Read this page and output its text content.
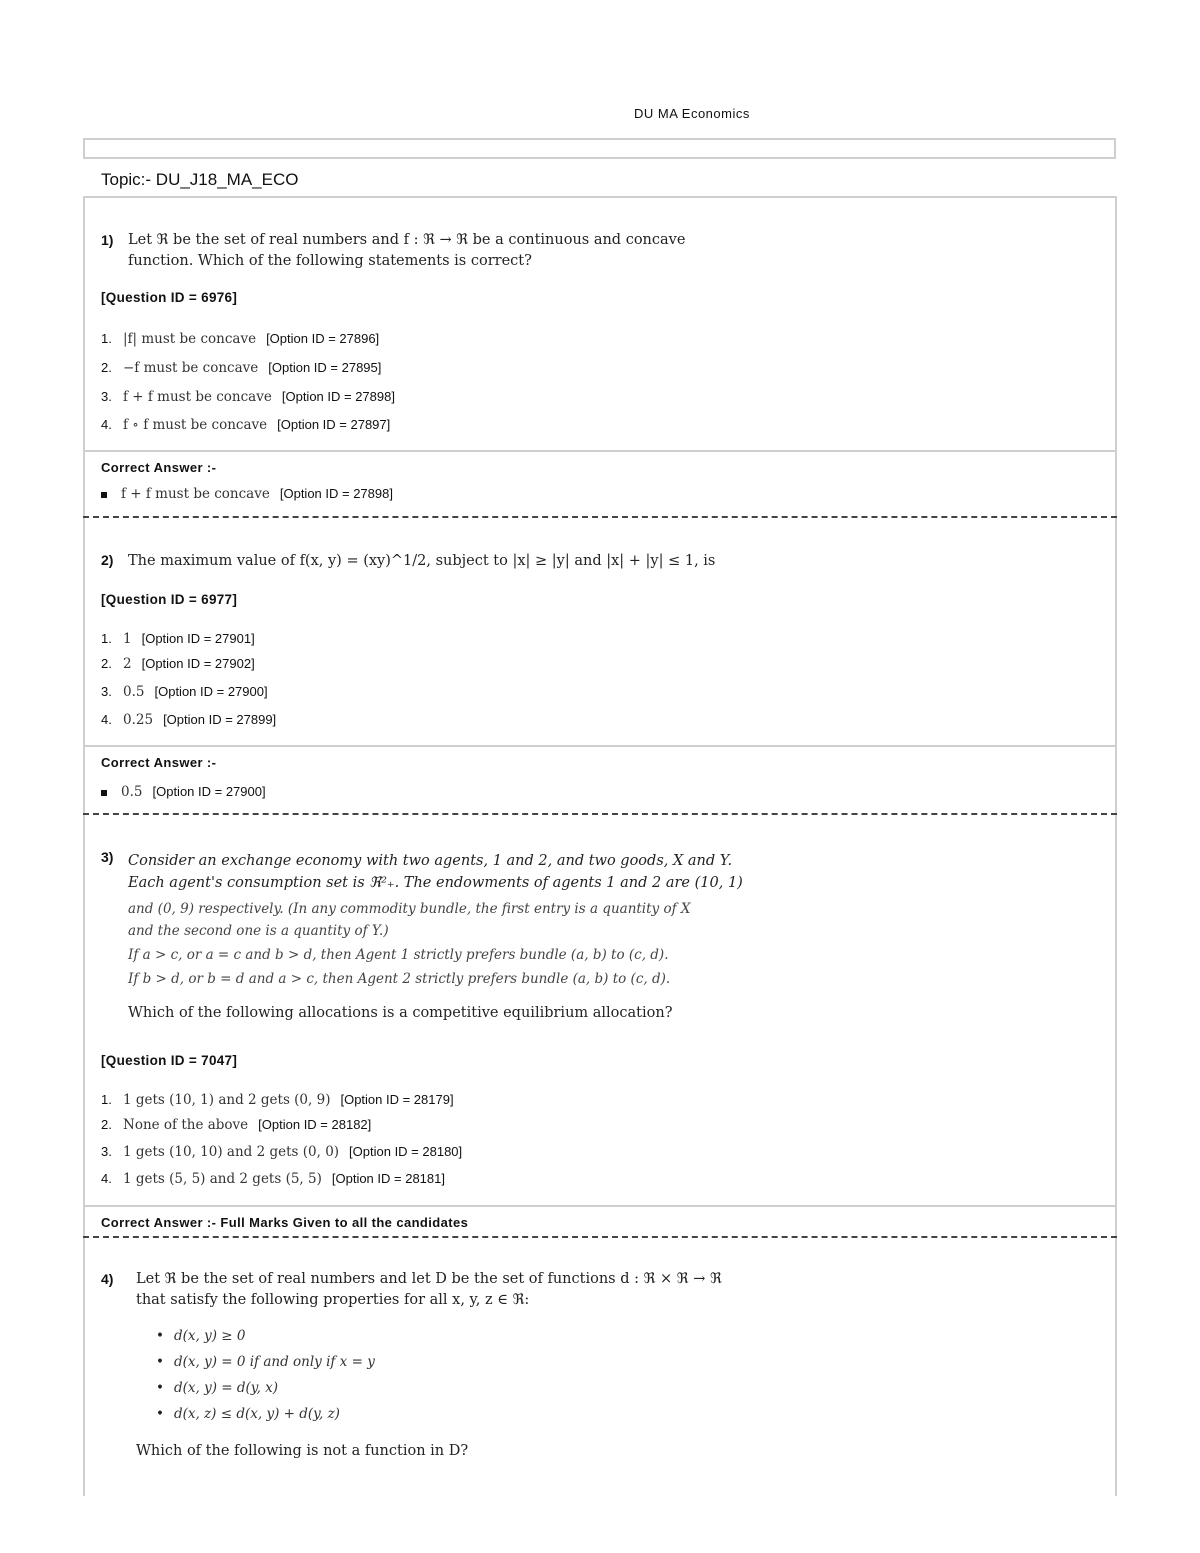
DU MA Economics
Topic:- DU_J18_MA_ECO
1) Let ℜ be the set of real numbers and f : ℜ → ℜ be a continuous and concave
function. Which of the following statements is correct?
[Question ID = 6976]
1. |f| must be concave [Option ID = 27896]
2. −f must be concave [Option ID = 27895]
3. f + f must be concave [Option ID = 27898]
4. f ∘ f must be concave [Option ID = 27897]
Correct Answer :-
f + f must be concave [Option ID = 27898]
2) The maximum value of f(x, y) = (xy)^1/2, subject to |x| ≥ |y| and |x| + |y| ≤ 1, is
[Question ID = 6977]
1. 1 [Option ID = 27901]
2. 2 [Option ID = 27902]
3. 0.5 [Option ID = 27900]
4. 0.25 [Option ID = 27899]
Correct Answer :-
0.5 [Option ID = 27900]
3) Consider an exchange economy with two agents, 1 and 2, and two goods, X and Y.
Each agent's consumption set is ℜ²₊. The endowments of agents 1 and 2 are (10, 1)
and (0, 9) respectively. (In any commodity bundle, the first entry is a quantity of X
and the second one is a quantity of Y.)
If a > c, or a = c and b > d, then Agent 1 strictly prefers bundle (a, b) to (c, d).
If b > d, or b = d and a > c, then Agent 2 strictly prefers bundle (a, b) to (c, d).
Which of the following allocations is a competitive equilibrium allocation?
[Question ID = 7047]
1. 1 gets (10, 1) and 2 gets (0, 9) [Option ID = 28179]
2. None of the above [Option ID = 28182]
3. 1 gets (10, 10) and 2 gets (0, 0) [Option ID = 28180]
4. 1 gets (5, 5) and 2 gets (5, 5) [Option ID = 28181]
Correct Answer :- Full Marks Given to all the candidates
4) Let ℜ be the set of real numbers and let D be the set of functions d : ℜ × ℜ → ℜ
that satisfy the following properties for all x, y, z ∈ ℜ:
• d(x, y) ≥ 0
• d(x, y) = 0 if and only if x = y
• d(x, y) = d(y, x)
• d(x, z) ≤ d(x, y) + d(y, z)
Which of the following is not a function in D?
